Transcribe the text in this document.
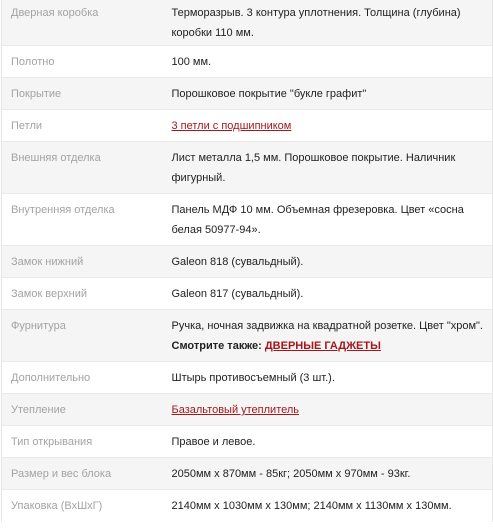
Дверная коробка	Терморазрыв. 3 контура уплотнения. Толщина (глубина) коробки 110 мм.
Полотно	100 мм.
Покрытие	Порошковое покрытие "букле графит"
Петли	3 петли с подшипником
Внешняя отделка	Лист металла 1,5 мм. Порошковое покрытие. Наличник фигурный.
Внутренняя отделка	Панель МДФ 10 мм. Объемная фрезеровка. Цвет «сосна белая 50977-94».
Замок нижний	Galeon 818 (сувальдный).
Замок верхний	Galeon 817 (сувальдный).
Фурнитура	Ручка, ночная задвижка на квадратной розетке. Цвет "хром". Смотрите также: ДВЕРНЫЕ ГАДЖЕТЫ
Дополнительно	Штырь противосъемный (3 шт.).
Утепление	Базальтовый утеплитель
Тип открывания	Правое и левое.
Размер и вес блока	2050мм х 870мм - 85кг; 2050мм х 970мм - 93кг.
Упаковка (ВхШхГ)	2140мм х 1030мм х 130мм; 2140мм х 1130мм х 130мм.
